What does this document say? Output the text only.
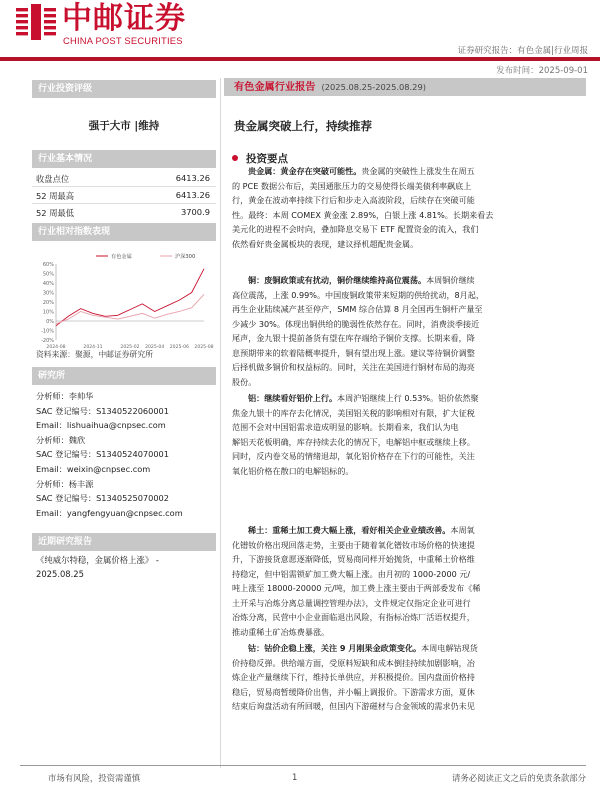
中邮证券
CHINA POST SECURITIES
证券研究报告：有色金属|行业周报
发布时间：2025-09-01
行业投资评级
强于大市 |维持
行业基本情况
收盘点位	6413.26
52 周最高	6413.26
52 周最低	3700.9
行业相对指数表现
-20%
-10%
0%
10%
20%
30%
40%
50%
60%
2024-08	2024-11	2025-02 2025-04 2025-06 2025-08
有色金属	沪深300
资料来源：聚源，中邮证券研究所
研究所
分析师：李帅华
SAC 登记编号：S1340522060001
Email：lishuaihua@cnpsec.com
分析师：魏欣
SAC 登记编号：S1340524070001
Email：weixin@cnpsec.com
分析师：杨丰源
SAC 登记编号：S1340525070002
Email：yangfengyuan@cnpsec.com
近期研究报告
《纯威尔特稳，金属价格上涨》 -
2025.08.25
有色金属行业报告 (2025.08.25-2025.08.29)
贵金属突破上行，持续推荐
投资要点
贵金属：黄金存在突破可能性。贵金属的突破性上涨发生在周五
的 PCE 数据公布后，美国通胀压力的交易使得长端美债利率飙底上
行，黄金在波动率持续下行后和步走入高波阶段，后续存在突破可能
性。最终：本周 COMEX 黄金涨 2.89%，白银上涨 4.81%。长期来看去
美元化的进程不会时向，叠加降息交易下 ETF 配置资金的流入，我们
依然看好贵金属板块的表现，建议择机超配贵金属。
铜：废铜政策或有扰动，铜价继续维持高位震荡。本周铜价继续
高位震荡，上涨 0.99%。中国废铜政策带来短期的供给扰动，8月起，
再生企业陆续减产甚至停产，SMM 综合估算 8 月全国再生铜杆产量至
少减少 30%。体现出铜供给的脆弱性依然存在。同时，消费淡季接近
尾声，金九银十提前备货有望在库存端给予铜价支撑。长期来看，降
息预期带来的软着陆概率提升，铜有望出现上涨。建议等待铜价调整
后择机做多铜价和权益标的。同时，关注在美国进行铜材布局的海亮
股份。
铝：继续看好铝价上行。本周沪铝继续上行 0.53%。铝价依然聚
焦金九银十的库存去化情况，美国铝关税的影响相对有限，扩大征税
范围不会对中国铝需求造成明显的影响。长期看来，我们认为电
解铝天花板明确，库存持续去化的情况下，电解铝中枢或继续上移。
同时，反内卷交易的情绪退却，氧化铝价格存在下行的可能性，关注
氧化铝价格在散口的电解铝标的。
稀土：重稀土加工费大幅上涨，看好相关企业业绩改善。本周氧
化镨钕价格出现回落走势，主要由于随着氧化镨钕市场价格的快速提
升，下游接货意愿逐渐降低，贸易商同样开始抛货，中重稀土价格维
持稳定，但中铝需锁矿加工费大幅上涨。由月初的 1000-2000 元/
吨上涨至 18000-20000 元/吨，加工费上涨主要由于两部委发布《稀
土开采与冶炼分离总量调控管理办法》，文件规定仅指定企业可进行
冶炼分离，民营中小企业面临退出风险，有指标冶炼厂活语权提升，
推动重稀土矿冶炼费暴涨。
钴：钴价企稳上涨，关注 9 月刚果金政策变化。本周电解钴现货
价持稳反弹。供给端方面，受原料短缺和成本倒挂持续加剧影响，冶
炼企业产量继续下行，维持长单供应，并积极提价。国内盘面价格持
稳后，贸易商暂缓降价出售，并小幅上调报价。下游需求方面，夏休
结束后询盘活动有所回暖，但国内下游磁材与合金领域的需求仍未见
市场有风险，投资需谨慎	1	请务必阅读正文之后的免责条款部分
